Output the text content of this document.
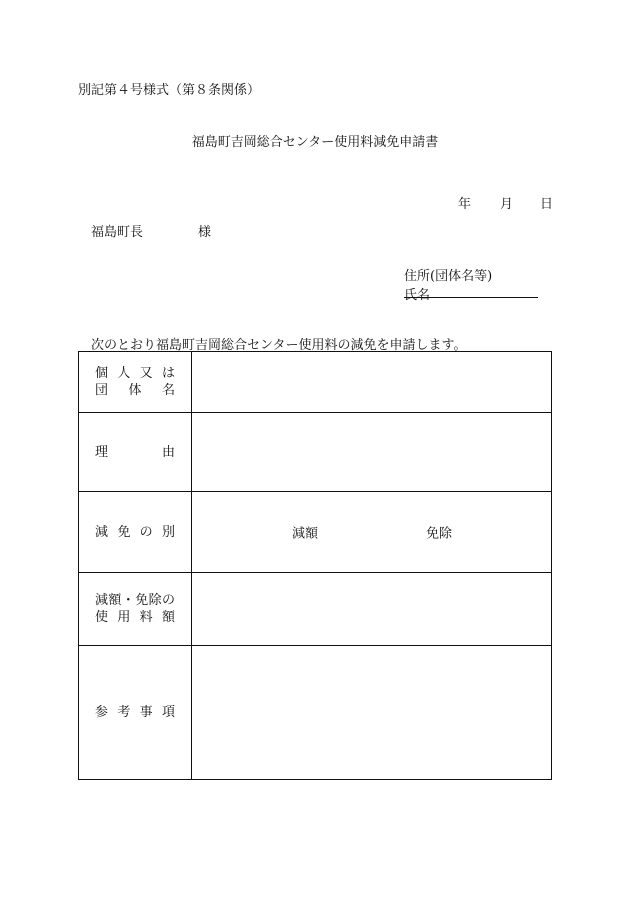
別記第４号様式（第８条関係）
福島町吉岡総合センター使用料減免申請書
年 月 日
福島町長	様
住所(団体名等)
氏名
次のとおり福島町吉岡総合センター使用料の減免を申請します。
個人又は
団体名
理由
減免の別	減額	免除
減額・免除の
使用料額
参考事項
